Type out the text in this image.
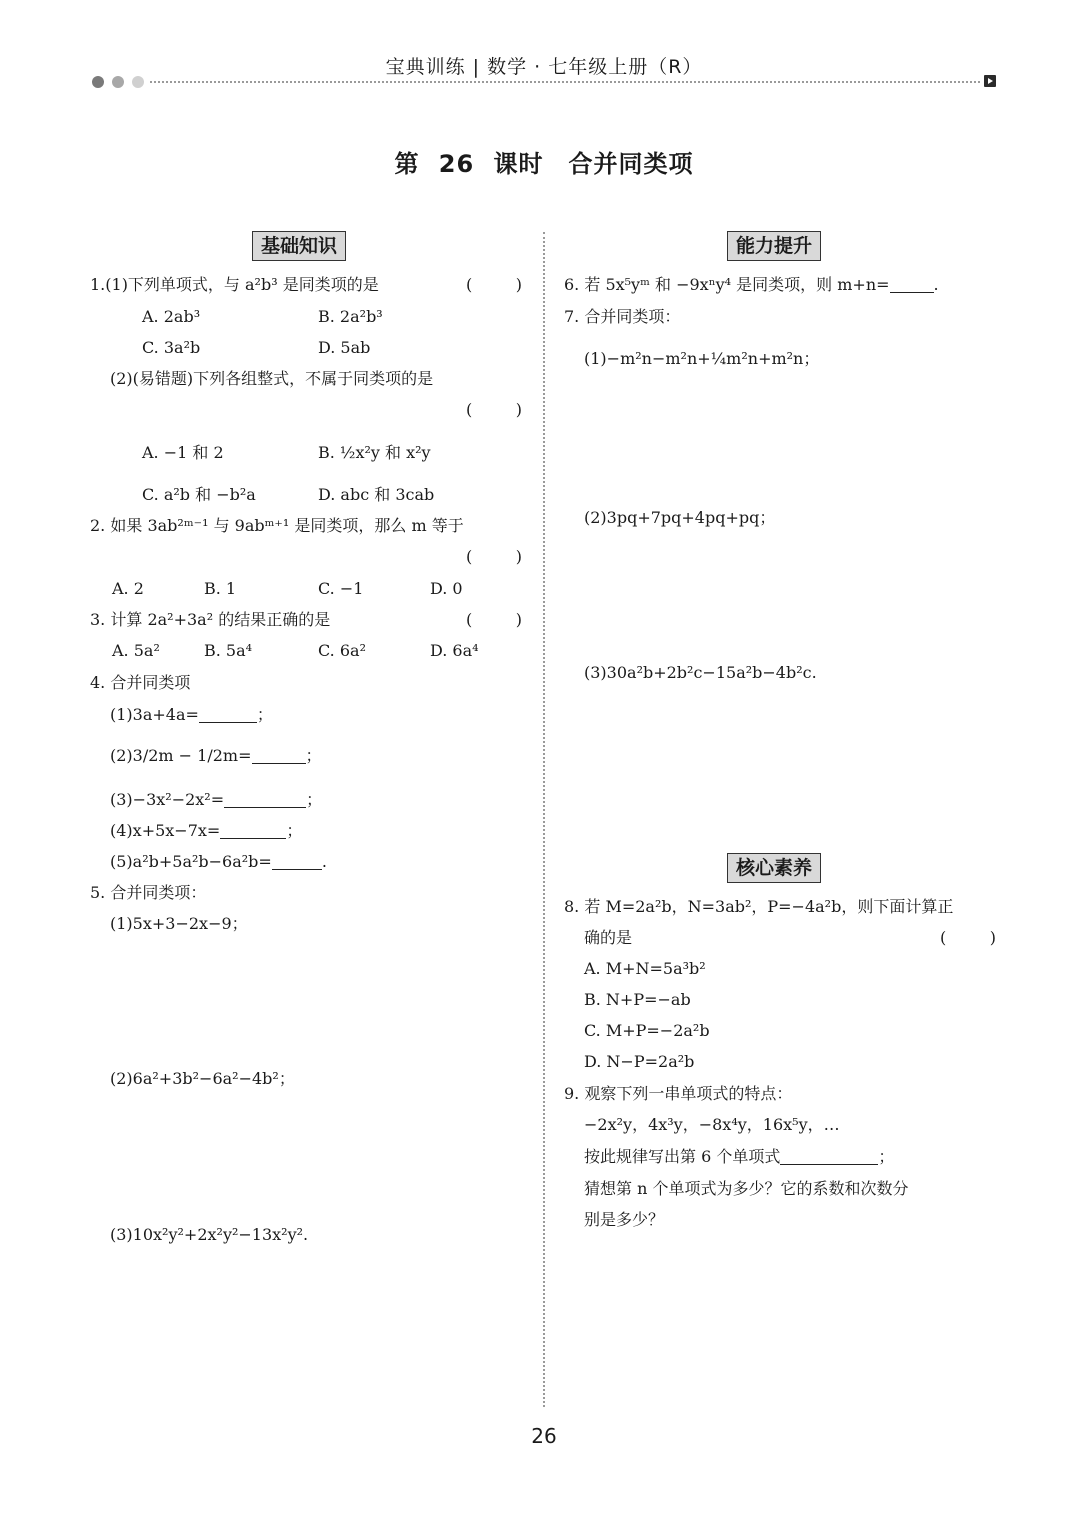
宝典训练 | 数学 · 七年级上册（R）
第 26 课时　合并同类项
基础知识
1.(1)下列单项式，与 a²b³ 是同类项的是	(	)
A. 2ab³	B. 2a²b³
C. 3a²b	D. 5ab
(2)(易错题)下列各组整式，不属于同类项的是
(	)
A. −1 和 2	B. ½x²y 和 x²y
C. a²b 和 −b²a	D. abc 和 3cab
2. 如果 3ab²ᵐ⁻¹ 与 9abᵐ⁺¹ 是同类项，那么 m 等于
(	)
A. 2	B. 1	C. −1	D. 0
3. 计算 2a²+3a² 的结果正确的是	(	)
A. 5a²	B. 5a⁴	C. 6a²	D. 6a⁴
4. 合并同类项
(1)3a+4a=	；
(2)3/2m − 1/2m=	；
(3)−3x²−2x²=	；
(4)x+5x−7x=	；
(5)a²b+5a²b−6a²b=	.
5. 合并同类项：
(1)5x+3−2x−9；
(2)6a²+3b²−6a²−4b²；
(3)10x²y²+2x²y²−13x²y².
能力提升
6. 若 5x⁵yᵐ 和 −9xⁿy⁴ 是同类项，则 m+n=	.
7. 合并同类项：
(1)−m²n−m²n+¼m²n+m²n；
(2)3pq+7pq+4pq+pq；
(3)30a²b+2b²c−15a²b−4b²c.
核心素养
8. 若 M=2a²b，N=3ab²，P=−4a²b，则下面计算正
确的是	(	)
A. M+N=5a³b²
B. N+P=−ab
C. M+P=−2a²b
D. N−P=2a²b
9. 观察下列一串单项式的特点：
−2x²y，4x³y，−8x⁴y，16x⁵y，…
按此规律写出第 6 个单项式	；
猜想第 n 个单项式为多少？它的系数和次数分
别是多少？
26
